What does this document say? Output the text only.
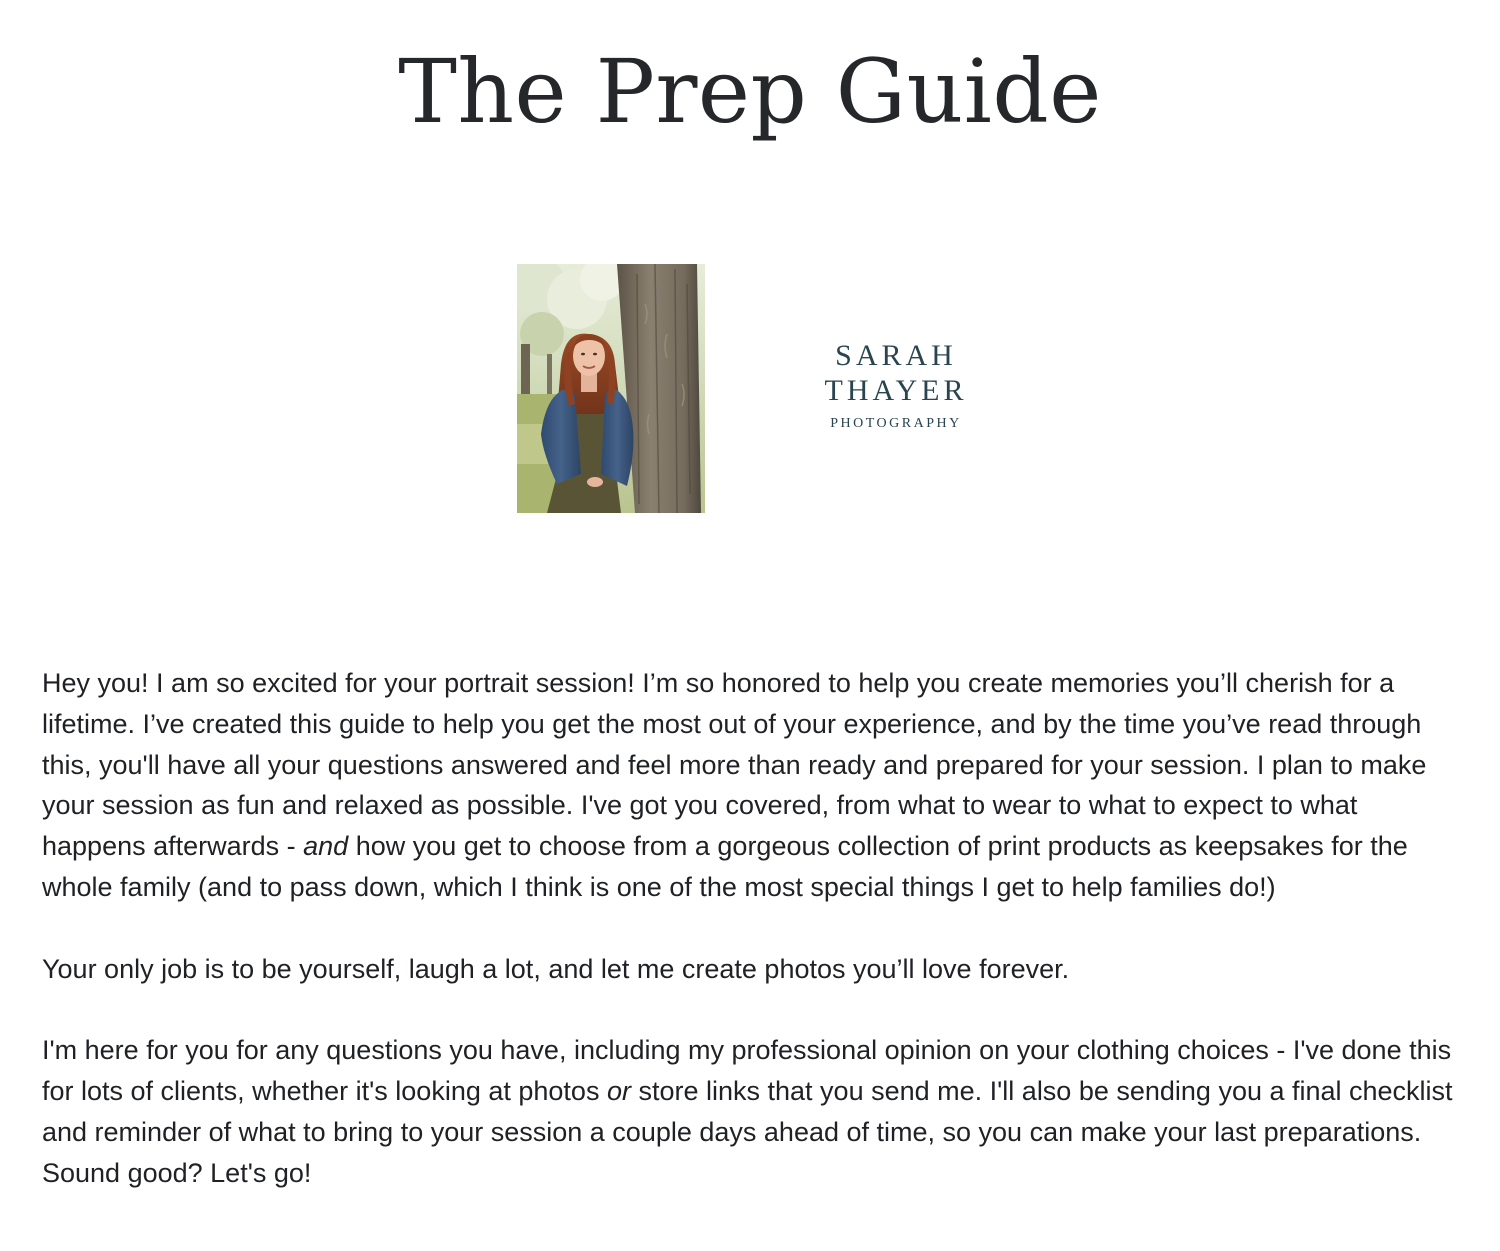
The Prep Guide
SARAH
THAYER
PHOTOGRAPHY

Hey you! I am so excited for your portrait session! I’m so honored to help you create memories you’ll cherish for a lifetime. I’ve created this guide to help you get the most out of your experience, and by the time you’ve read through this, you'll have all your questions answered and feel more than ready and prepared for your session. I plan to make your session as fun and relaxed as possible. I've got you covered, from what to wear to what to expect to what happens afterwards - and how you get to choose from a gorgeous collection of print products as keepsakes for the whole family (and to pass down, which I think is one of the most special things I get to help families do!)

Your only job is to be yourself, laugh a lot, and let me create photos you’ll love forever.

I'm here for you for any questions you have, including my professional opinion on your clothing choices - I've done this for lots of clients, whether it's looking at photos or store links that you send me. I'll also be sending you a final checklist and reminder of what to bring to your session a couple days ahead of time, so you can make your last preparations. Sound good? Let's go!
